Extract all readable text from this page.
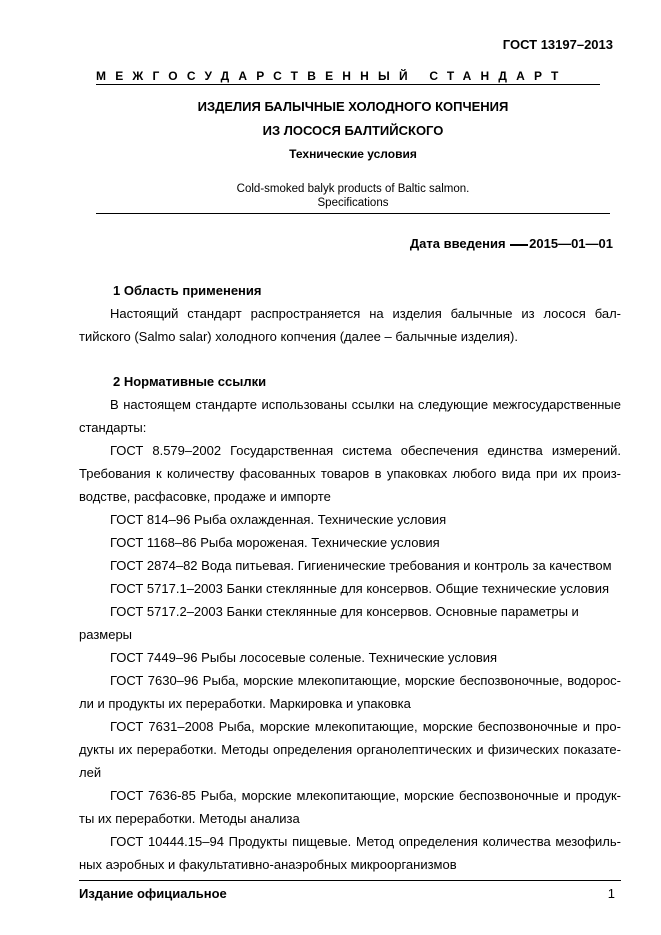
ГОСТ 13197–2013
МЕЖГОСУДАРСТВЕННЫЙ СТАНДАРТ
ИЗДЕЛИЯ БАЛЫЧНЫЕ ХОЛОДНОГО КОПЧЕНИЯ
ИЗ ЛОСОСЯ БАЛТИЙСКОГО
Технические условия
Cold-smoked balyk products of Baltic salmon.
Specifications
Дата введения 2015—01—01
1 Область применения
Настоящий стандарт распространяется на изделия балычные из лосося бал-
тийского (Salmo salar) холодного копчения (далее – балычные изделия).
2 Нормативные ссылки
В настоящем стандарте использованы ссылки на следующие межгосударственные
стандарты:
ГОСТ 8.579–2002 Государственная система обеспечения единства измерений.
Требования к количеству фасованных товаров в упаковках любого вида при их произ-
водстве, расфасовке, продаже и импорте
ГОСТ 814–96 Рыба охлажденная. Технические условия
ГОСТ 1168–86 Рыба мороженая. Технические условия
ГОСТ 2874–82 Вода питьевая. Гигиенические требования и контроль за качеством
ГОСТ 5717.1–2003 Банки стеклянные для консервов. Общие технические условия
ГОСТ 5717.2–2003 Банки стеклянные для консервов. Основные параметры и
размеры
ГОСТ 7449–96 Рыбы лососевые соленые. Технические условия
ГОСТ 7630–96 Рыба, морские млекопитающие, морские беспозвоночные, водорос-
ли и продукты их переработки. Маркировка и упаковка
ГОСТ 7631–2008 Рыба, морские млекопитающие, морские беспозвоночные и про-
дукты их переработки. Методы определения органолептических и физических показате-
лей
ГОСТ 7636-85 Рыба, морские млекопитающие, морские беспозвоночные и продук-
ты их переработки. Методы анализа
ГОСТ 10444.15–94 Продукты пищевые. Метод определения количества мезофиль-
ных аэробных и факультативно-анаэробных микроорганизмов
Издание официальное	1
